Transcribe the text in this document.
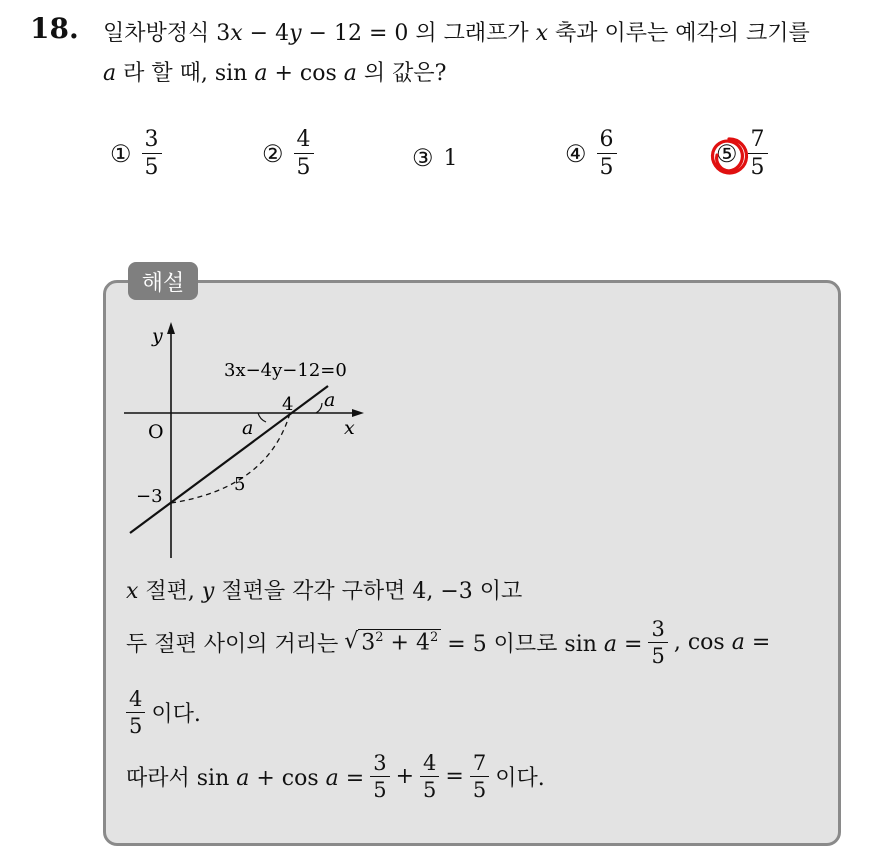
18. 일차방정식 3x − 4y − 12 = 0 의 그래프가 x 축과 이루는 예각의 크기를
a 라 할 때, sin a + cos a 의 값은?
① $\frac{3}{5}$	② $\frac{4}{5}$	③ 1	④ $\frac{6}{5}$	⑤ $\frac{7}{5}$
해설
y
x
O
3x−4y−12=0
4
−3
5
a
a
x 절편, y 절편을 각각 구하면 4, −3 이고
두 절편 사이의 거리는 √ $3^2 + 4^2 = 5$ 이므로 $\sin a = \frac{3}{5}$ , cos a =
$\frac{4}{5}$ 이다.
따라서 $\sin a + \cos a = \frac{3}{5} + \frac{4}{5} = \frac{7}{5}$ 이다.
